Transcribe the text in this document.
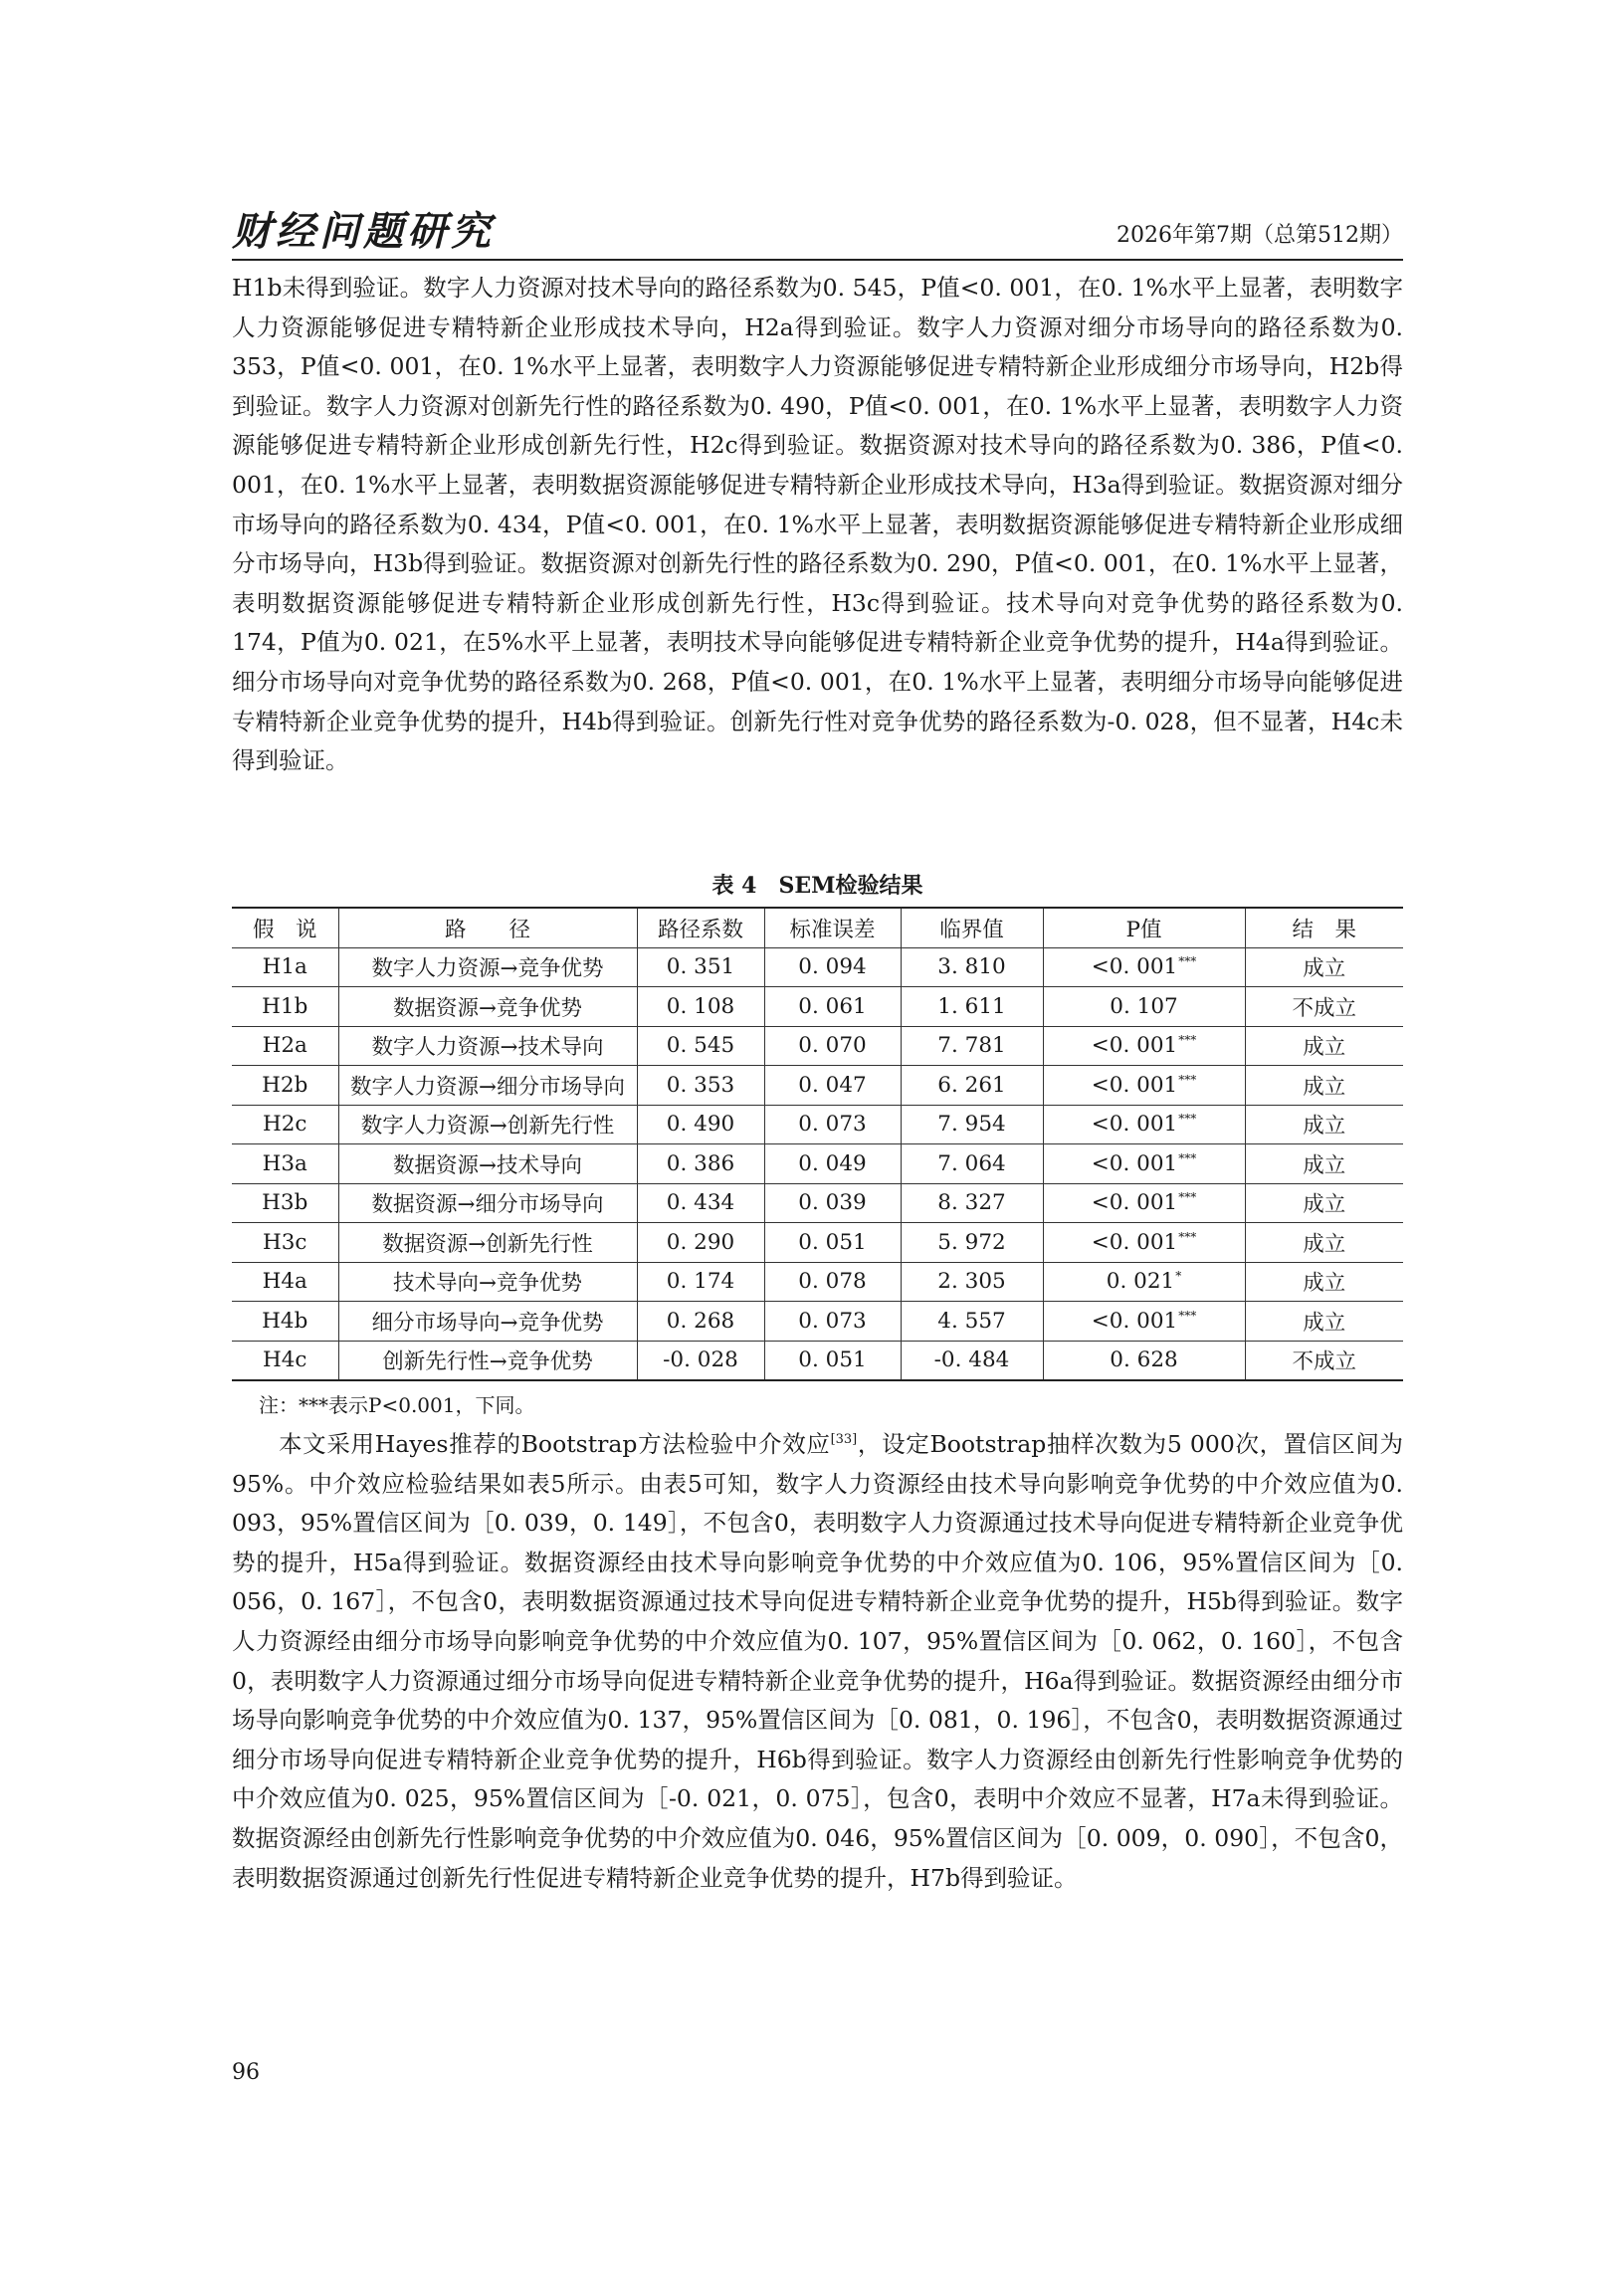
财经问题研究	2026年第7期（总第512期）

H1b未得到验证。数字人力资源对技术导向的路径系数为0. 545，P值<0. 001，在0. 1%水平上显著，表明数字人力资源能够促进专精特新企业形成技术导向，H2a得到验证。数字人力资源对细分市场导向的路径系数为0. 353，P值<0. 001，在0. 1%水平上显著，表明数字人力资源能够促进专精特新企业形成细分市场导向，H2b得到验证。数字人力资源对创新先行性的路径系数为0. 490，P值<0. 001，在0. 1%水平上显著，表明数字人力资源能够促进专精特新企业形成创新先行性，H2c得到验证。数据资源对技术导向的路径系数为0. 386，P值<0. 001，在0. 1%水平上显著，表明数据资源能够促进专精特新企业形成技术导向，H3a得到验证。数据资源对细分市场导向的路径系数为0. 434，P值<0. 001，在0. 1%水平上显著，表明数据资源能够促进专精特新企业形成细分市场导向，H3b得到验证。数据资源对创新先行性的路径系数为0. 290，P值<0. 001，在0. 1%水平上显著，表明数据资源能够促进专精特新企业形成创新先行性，H3c得到验证。技术导向对竞争优势的路径系数为0. 174，P值为0. 021，在5%水平上显著，表明技术导向能够促进专精特新企业竞争优势的提升，H4a得到验证。细分市场导向对竞争优势的路径系数为0. 268，P值<0. 001，在0. 1%水平上显著，表明细分市场导向能够促进专精特新企业竞争优势的提升，H4b得到验证。创新先行性对竞争优势的路径系数为-0. 028，但不显著，H4c未得到验证。

表 4　SEM检验结果
假　说	路　　径	路径系数	标准误差	临界值	P值	结　果
H1a	数字人力资源→竞争优势	0. 351	0. 094	3. 810	<0. 001***	成立
H1b	数据资源→竞争优势	0. 108	0. 061	1. 611	0. 107	不成立
H2a	数字人力资源→技术导向	0. 545	0. 070	7. 781	<0. 001***	成立
H2b	数字人力资源→细分市场导向	0. 353	0. 047	6. 261	<0. 001***	成立
H2c	数字人力资源→创新先行性	0. 490	0. 073	7. 954	<0. 001***	成立
H3a	数据资源→技术导向	0. 386	0. 049	7. 064	<0. 001***	成立
H3b	数据资源→细分市场导向	0. 434	0. 039	8. 327	<0. 001***	成立
H3c	数据资源→创新先行性	0. 290	0. 051	5. 972	<0. 001***	成立
H4a	技术导向→竞争优势	0. 174	0. 078	2. 305	0. 021*	成立
H4b	细分市场导向→竞争优势	0. 268	0. 073	4. 557	<0. 001***	成立
H4c	创新先行性→竞争优势	-0. 028	0. 051	-0. 484	0. 628	不成立
注：***表示P<0.001，下同。

本文采用Hayes推荐的Bootstrap方法检验中介效应[33]，设定Bootstrap抽样次数为5 000次，置信区间为95%。中介效应检验结果如表5所示。由表5可知，数字人力资源经由技术导向影响竞争优势的中介效应值为0. 093，95%置信区间为［0. 039，0. 149］，不包含0，表明数字人力资源通过技术导向促进专精特新企业竞争优势的提升，H5a得到验证。数据资源经由技术导向影响竞争优势的中介效应值为0. 106，95%置信区间为［0. 056，0. 167］，不包含0，表明数据资源通过技术导向促进专精特新企业竞争优势的提升，H5b得到验证。数字人力资源经由细分市场导向影响竞争优势的中介效应值为0. 107，95%置信区间为［0. 062，0. 160］，不包含0，表明数字人力资源通过细分市场导向促进专精特新企业竞争优势的提升，H6a得到验证。数据资源经由细分市场导向影响竞争优势的中介效应值为0. 137，95%置信区间为［0. 081，0. 196］，不包含0，表明数据资源通过细分市场导向促进专精特新企业竞争优势的提升，H6b得到验证。数字人力资源经由创新先行性影响竞争优势的中介效应值为0. 025，95%置信区间为［-0. 021，0. 075］，包含0，表明中介效应不显著，H7a未得到验证。数据资源经由创新先行性影响竞争优势的中介效应值为0. 046，95%置信区间为［0. 009，0. 090］，不包含0，表明数据资源通过创新先行性促进专精特新企业竞争优势的提升，H7b得到验证。

96
